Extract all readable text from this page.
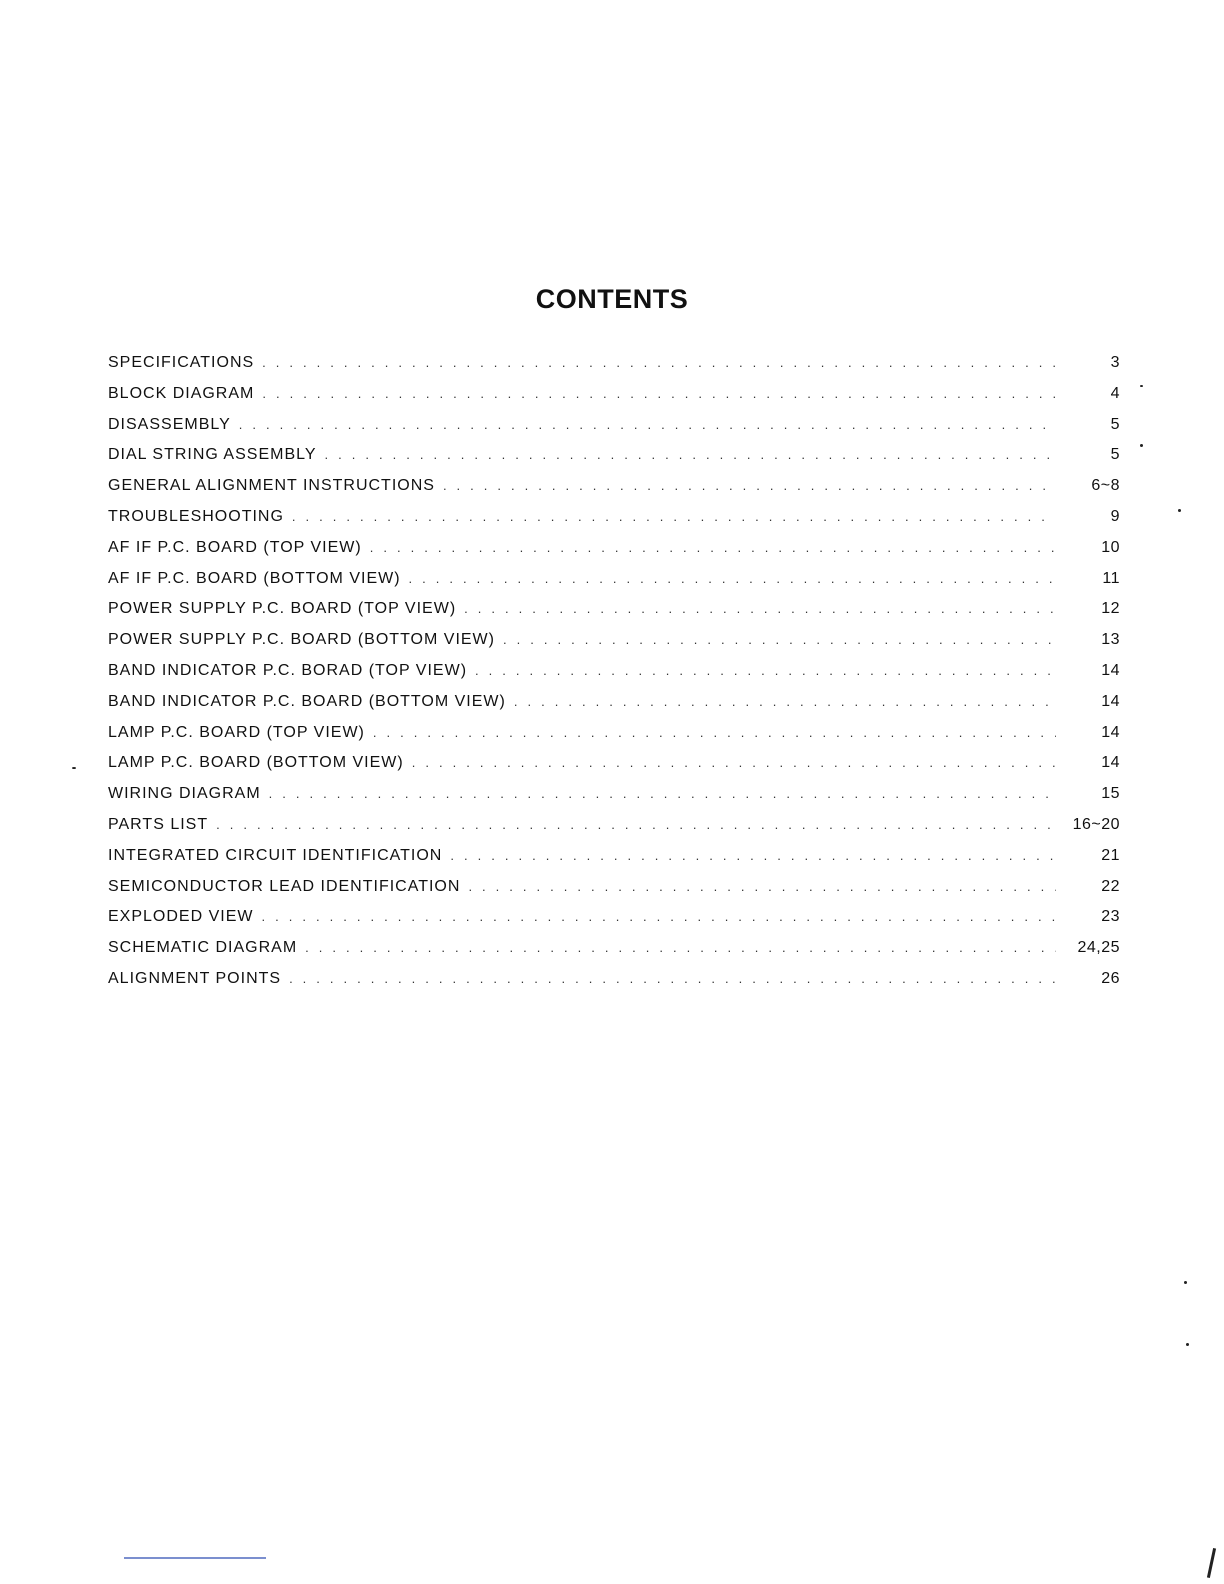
CONTENTS
SPECIFICATIONS . . .	3
BLOCK DIAGRAM . . .	4
DISASSEMBLY . . .	5
DIAL STRING ASSEMBLY . . .	5
GENERAL ALIGNMENT INSTRUCTIONS . . .	6~8
TROUBLESHOOTING . . .	9
AF IF P.C. BOARD (TOP VIEW) . . .	10
AF IF P.C. BOARD (BOTTOM VIEW) . . .	11
POWER SUPPLY P.C. BOARD (TOP VIEW) . . .	12
POWER SUPPLY P.C. BOARD (BOTTOM VIEW) . . .	13
BAND INDICATOR P.C. BORAD (TOP VIEW) . . .	14
BAND INDICATOR P.C. BOARD (BOTTOM VIEW) . . .	14
LAMP P.C. BOARD (TOP VIEW) . . .	14
LAMP P.C. BOARD (BOTTOM VIEW) . . .	14
WIRING DIAGRAM . . .	15
PARTS LIST . . .	16~20
INTEGRATED CIRCUIT IDENTIFICATION . . .	21
SEMICONDUCTOR LEAD IDENTIFICATION . . .	22
EXPLODED VIEW . . .	23
SCHEMATIC DIAGRAM . . .	24,25
ALIGNMENT POINTS . . .	26
